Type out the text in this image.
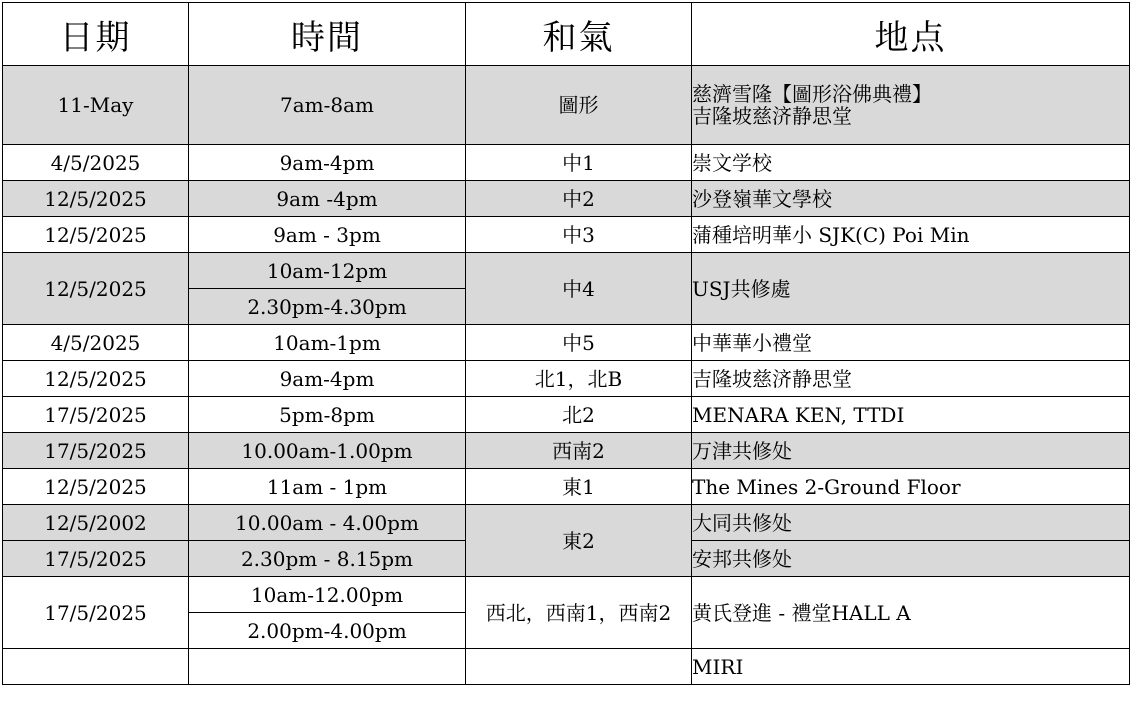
日期	時間	和氣	地点
11-May	7am-8am	圖形	慈濟雪隆【圖形浴佛典禮】
吉隆坡慈济静思堂

4/5/2025	9am-4pm	中1	崇文学校
12/5/2025	9am -4pm	中2	沙登嶺華文學校
12/5/2025	9am - 3pm	中3	蒲種培明華小 SJK(C) Poi Min
12/5/2025	10am-12pm	中4	USJ共修處
	2.30pm-4.30pm		
4/5/2025	10am-1pm	中5	中華華小禮堂
12/5/2025	9am-4pm	北1，北B	吉隆坡慈济静思堂
17/5/2025	5pm-8pm	北2	MENARA KEN, TTDI
17/5/2025	10.00am-1.00pm	西南2	万津共修处
12/5/2025	11am - 1pm	東1	The Mines 2-Ground Floor
12/5/2002	10.00am - 4.00pm	東2	大同共修处
17/5/2025	2.30pm - 8.15pm		安邦共修处
17/5/2025	10am-12.00pm	西北，西南1，西南2	黄氏登進 - 禮堂HALL A
	2.00pm-4.00pm		
			MIRI
